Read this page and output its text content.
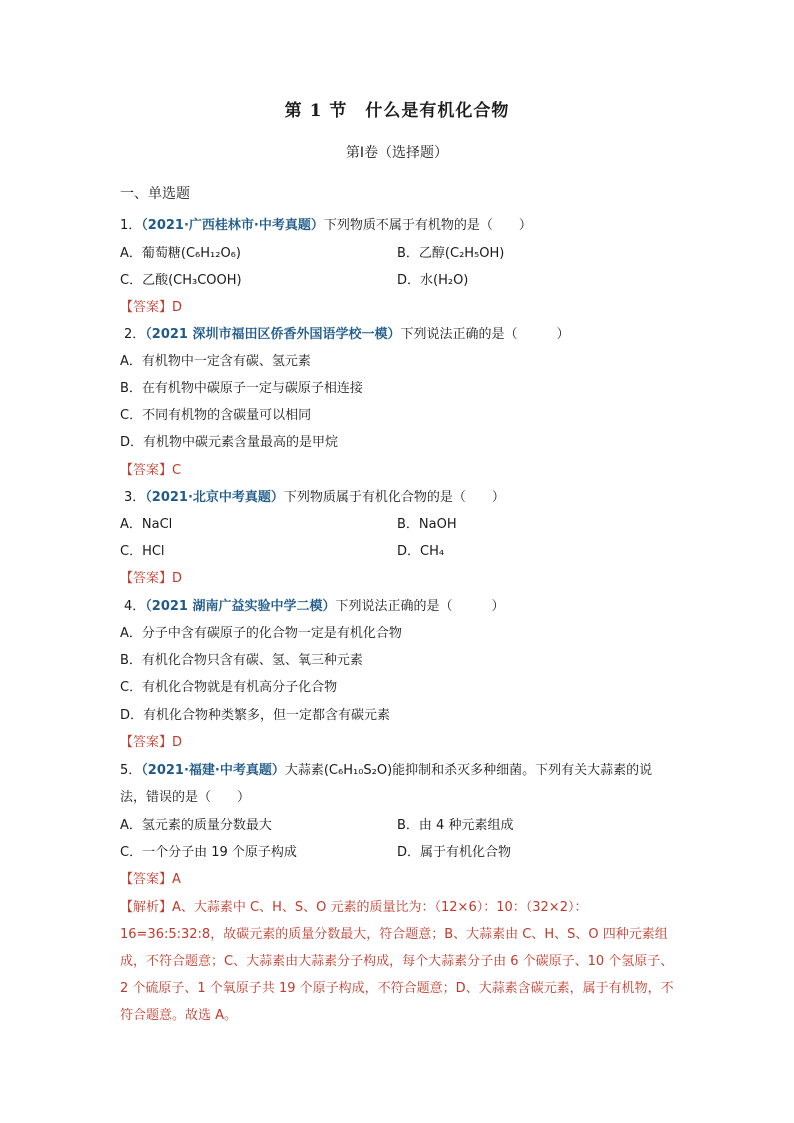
第 1 节　什么是有机化合物
第I卷（选择题）
一、单选题
1．（2021·广西桂林市·中考真题）下列物质不属于有机物的是（　　）
A．葡萄糖(C₆H₁₂O₆)	B．乙醇(C₂H₅OH)
C．乙酸(CH₃COOH)	D．水(H₂O)
【答案】D
2．（2021 深圳市福田区侨香外国语学校一模）下列说法正确的是（　　　）
A．有机物中一定含有碳、氢元素
B．在有机物中碳原子一定与碳原子相连接
C．不同有机物的含碳量可以相同
D．有机物中碳元素含量最高的是甲烷
【答案】C
3．（2021·北京中考真题）下列物质属于有机化合物的是（　　）
A．NaCl	B．NaOH
C．HCl	D．CH₄
【答案】D
4．（2021 湖南广益实验中学二模）下列说法正确的是（　　　）
A．分子中含有碳原子的化合物一定是有机化合物
B．有机化合物只含有碳、氢、氧三种元素
C．有机化合物就是有机高分子化合物
D．有机化合物种类繁多，但一定都含有碳元素
【答案】D
5．（2021·福建·中考真题）大蒜素(C₆H₁₀S₂O)能抑制和杀灭多种细菌。下列有关大蒜素的说法，错误的是（　　）
A．氢元素的质量分数最大	B．由 4 种元素组成
C．一个分子由 19 个原子构成	D．属于有机化合物
【答案】A
【解析】A、大蒜素中 C、H、S、O 元素的质量比为：（12×6）：10：（32×2）：16=36:5:32:8，故碳元素的质量分数最大，符合题意；B、大蒜素由 C、H、S、O 四种元素组成，不符合题意；C、大蒜素由大蒜素分子构成，每个大蒜素分子由 6 个碳原子、10 个氢原子、2 个硫原子、1 个氧原子共 19 个原子构成，不符合题意；D、大蒜素含碳元素，属于有机物，不符合题意。故选 A。
